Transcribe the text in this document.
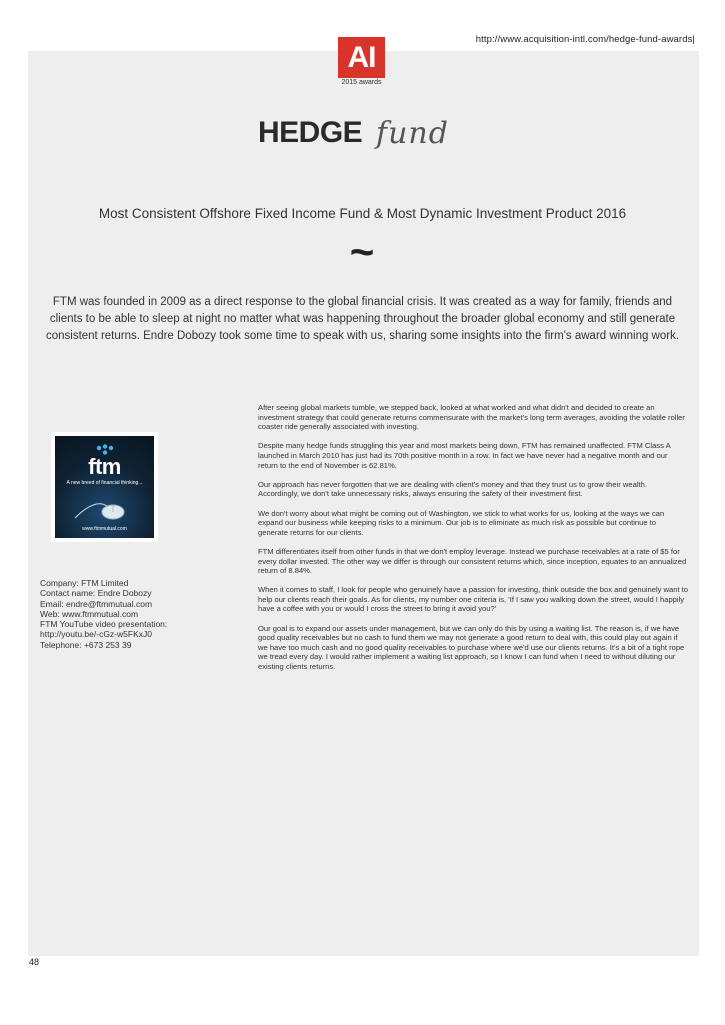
http://www.acquisition-intl.com/hedge-fund-awards|
AI
2015 awards
HEDGE fund
Most Consistent Offshore Fixed Income Fund & Most Dynamic Investment Product 2016
~
FTM was founded in 2009 as a direct response to the global financial crisis. It was created as a way for family, friends and clients to be able to sleep at night no matter what was happening throughout the broader global economy and still generate consistent returns. Endre Dobozy took some time to speak with us, sharing some insights into the firm's award winning work.
ftm
A new breed of financial thinking...
www.ftmmutual.com
Company: FTM Limited
Contact name: Endre Dobozy
Email: endre@ftmmutual.com
Web: www.ftmmutual.com
FTM YouTube video presentation:
http://youtu.be/-cGz-w5FKxJ0
Telephone: +673 253 39

After seeing global markets tumble, we stepped back, looked at what worked and what didn't and decided to create an investment strategy that could generate returns commensurate with the market's long term averages, avoiding the volatile roller coaster ride generally associated with investing.

Despite many hedge funds struggling this year and most markets being down, FTM has remained unaffected. FTM Class A launched in March 2010 has just had its 70th positive month in a row. In fact we have never had a negative month and our return to the end of November is 62.81%.

Our approach has never forgotten that we are dealing with client's money and that they trust us to grow their wealth. Accordingly, we don't take unnecessary risks, always ensuring the safety of their investment first.

We don't worry about what might be coming out of Washington, we stick to what works for us, looking at the ways we can expand our business while keeping risks to a minimum. Our job is to eliminate as much risk as possible but continue to generate returns for our clients.

FTM differentiates itself from other funds in that we don't employ leverage. Instead we purchase receivables at a rate of $5 for every dollar invested. The other way we differ is through our consistent returns which, since inception, equates to an annualized return of 8.84%.

When it comes to staff, I look for people who genuinely have a passion for investing, think outside the box and genuinely want to help our clients reach their goals. As for clients, my number one criteria is, 'If I saw you walking down the street, would I happily have a coffee with you or would I cross the street to bring it avoid you?'

Our goal is to expand our assets under management, but we can only do this by using a waiting list. The reason is, if we have good quality receivables but no cash to fund them we may not generate a good return to deal with, this could play out again if we have too much cash and no good quality receivables to purchase where we'd use our clients returns. It's a bit of a tight rope we tread every day. I would rather implement a waiting list approach, so I know I can fund when I need to without diluting our existing clients returns.

48
